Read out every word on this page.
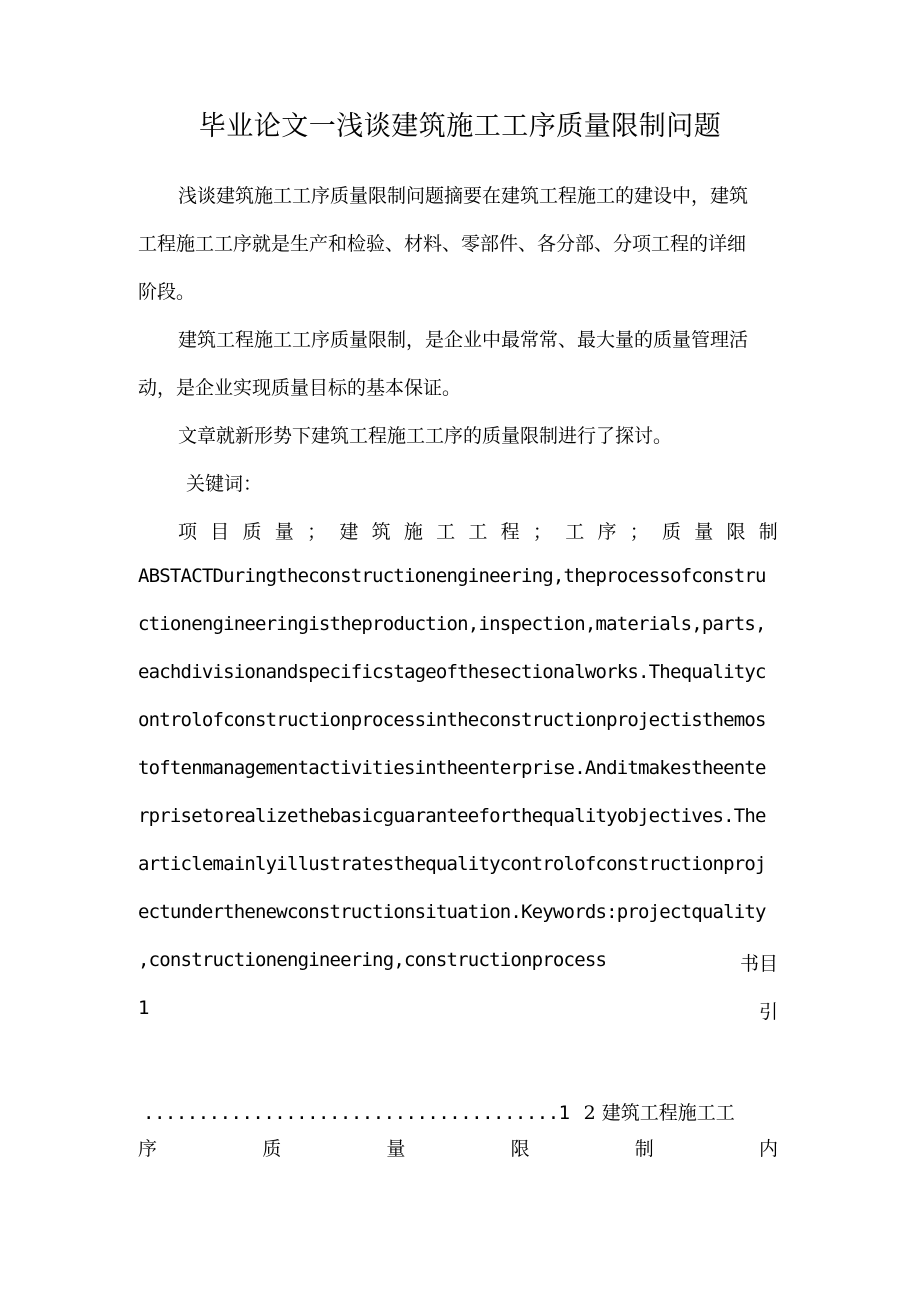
毕业论文一浅谈建筑施工工序质量限制问题
浅谈建筑施工工序质量限制问题摘要在建筑工程施工的建设中，建筑
工程施工工序就是生产和检验、材料、零部件、各分部、分项工程的详细
阶段。
建筑工程施工工序质量限制，是企业中最常常、最大量的质量管理活
动，是企业实现质量目标的基本保证。
文章就新形势下建筑工程施工工序的质量限制进行了探讨。
关键词：
项 目 质 量 ； 建 筑 施 工 工 程 ； 工 序 ； 质 量 限 制
ABSTACTDuringtheconstructionengineering,theprocessofconstru
ctionengineeringistheproduction,inspection,materials,parts,
eachdivisionandspecificstageofthesectionalworks.Thequalityc
ontrolofconstructionprocessintheconstructionprojectisthemos
toftenmanagementactivitiesintheenterprise.Anditmakestheente
rprisetorealizethebasicguaranteeforthequalityobjectives.The
articlemainlyillustratesthequalitycontrolofconstructionproj
ectunderthenewconstructionsituation.Keywords:projectquality
,constructionengineering,constructionprocess	书目
1	引
......................................1 2 建筑工程施工工
序	质	量	限	制	内
